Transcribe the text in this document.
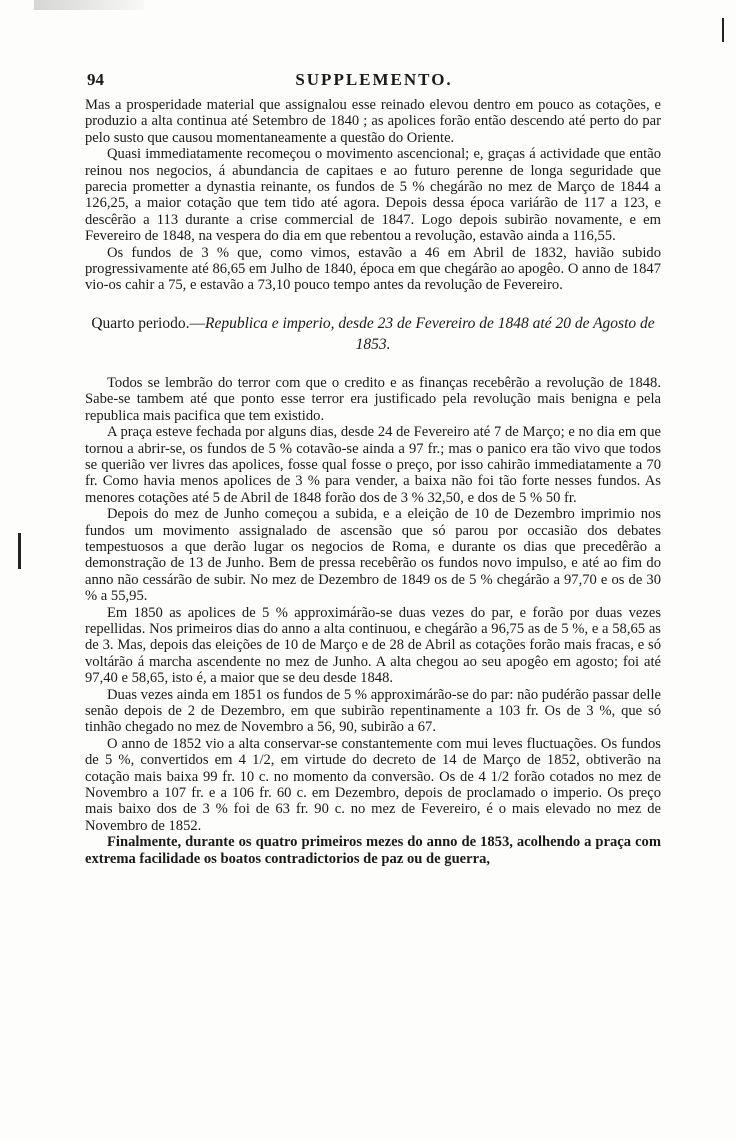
94	SUPPLEMENTO.

Mas a prosperidade material que assignalou esse reinado elevou dentro em pouco as cotações, e produzio a alta continua até Setembro de 1840 ; as apolices forão então descendo até perto do par pelo susto que causou momentaneamente a questão do Oriente.

Quasi immediatamente recomeçou o movimento ascencional; e, graças á actividade que então reinou nos negocios, á abundancia de capitaes e ao futuro perenne de longa seguridade que parecia prometter a dynastia reinante, os fundos de 5 % chegárão no mez de Março de 1844 a 126,25, a maior cotação que tem tido até agora. Depois dessa época variárão de 117 a 123, e descêrão a 113 durante a crise commercial de 1847. Logo depois subirão novamente, e em Fevereiro de 1848, na vespera do dia em que rebentou a revolução, estavão ainda a 116,55.

Os fundos de 3 % que, como vimos, estavão a 46 em Abril de 1832, havião subido progressivamente até 86,65 em Julho de 1840, época em que chegárão ao apogêo. O anno de 1847 vio-os cahir a 75, e estavão a 73,10 pouco tempo antes da revolução de Fevereiro.

Quarto periodo.—Republica e imperio, desde 23 de Fevereiro de 1848 até 20 de Agosto de 1853.

Todos se lembrão do terror com que o credito e as finanças recebêrão a revolução de 1848. Sabe-se tambem até que ponto esse terror era justificado pela revolução mais benigna e pela republica mais pacifica que tem existido.

A praça esteve fechada por alguns dias, desde 24 de Fevereiro até 7 de Março; e no dia em que tornou a abrir-se, os fundos de 5 % cotavão-se ainda a 97 fr.; mas o panico era tão vivo que todos se querião ver livres das apolices, fosse qual fosse o preço, por isso cahirão immediatamente a 70 fr. Como havia menos apolices de 3 % para vender, a baixa não foi tão forte nesses fundos. As menores cotações até 5 de Abril de 1848 forão dos de 3 % 32,50, e dos de 5 % 50 fr.

Depois do mez de Junho começou a subida, e a eleição de 10 de Dezembro imprimio nos fundos um movimento assignalado de ascensão que só parou por occasião dos debates tempestuosos a que derão lugar os negocios de Roma, e durante os dias que precedêrão a demonstração de 13 de Junho. Bem de pressa recebêrão os fundos novo impulso, e até ao fim do anno não cessárão de subir. No mez de Dezembro de 1849 os de 5 % chegárão a 97,70 e os de 30 % a 55,95.

Em 1850 as apolices de 5 % approximárão-se duas vezes do par, e forão por duas vezes repellidas. Nos primeiros dias do anno a alta continuou, e chegárão a 96,75 as de 5 %, e a 58,65 as de 3. Mas, depois das eleições de 10 de Março e de 28 de Abril as cotações forão mais fracas, e só voltárão á marcha ascendente no mez de Junho. A alta chegou ao seu apogêo em agosto; foi até 97,40 e 58,65, isto é, a maior que se deu desde 1848.

Duas vezes ainda em 1851 os fundos de 5 % approximárão-se do par: não pudérão passar delle senão depois de 2 de Dezembro, em que subirão repentinamente a 103 fr. Os de 3 %, que só tinhão chegado no mez de Novembro a 56, 90, subirão a 67.

O anno de 1852 vio a alta conservar-se constantemente com mui leves fluctuações. Os fundos de 5 %, convertidos em 4 1/2, em virtude do decreto de 14 de Março de 1852, obtiverão na cotação mais baixa 99 fr. 10 c. no momento da conversão. Os de 4 1/2 forão cotados no mez de Novembro a 107 fr. e a 106 fr. 60 c. em Dezembro, depois de proclamado o imperio. Os preço mais baixo dos de 3 % foi de 63 fr. 90 c. no mez de Fevereiro, é o mais elevado no mez de Novembro de 1852.

Finalmente, durante os quatro primeiros mezes do anno de 1853, acolhendo a praça com extrema facilidade os boatos contradictorios de paz ou de guerra,
